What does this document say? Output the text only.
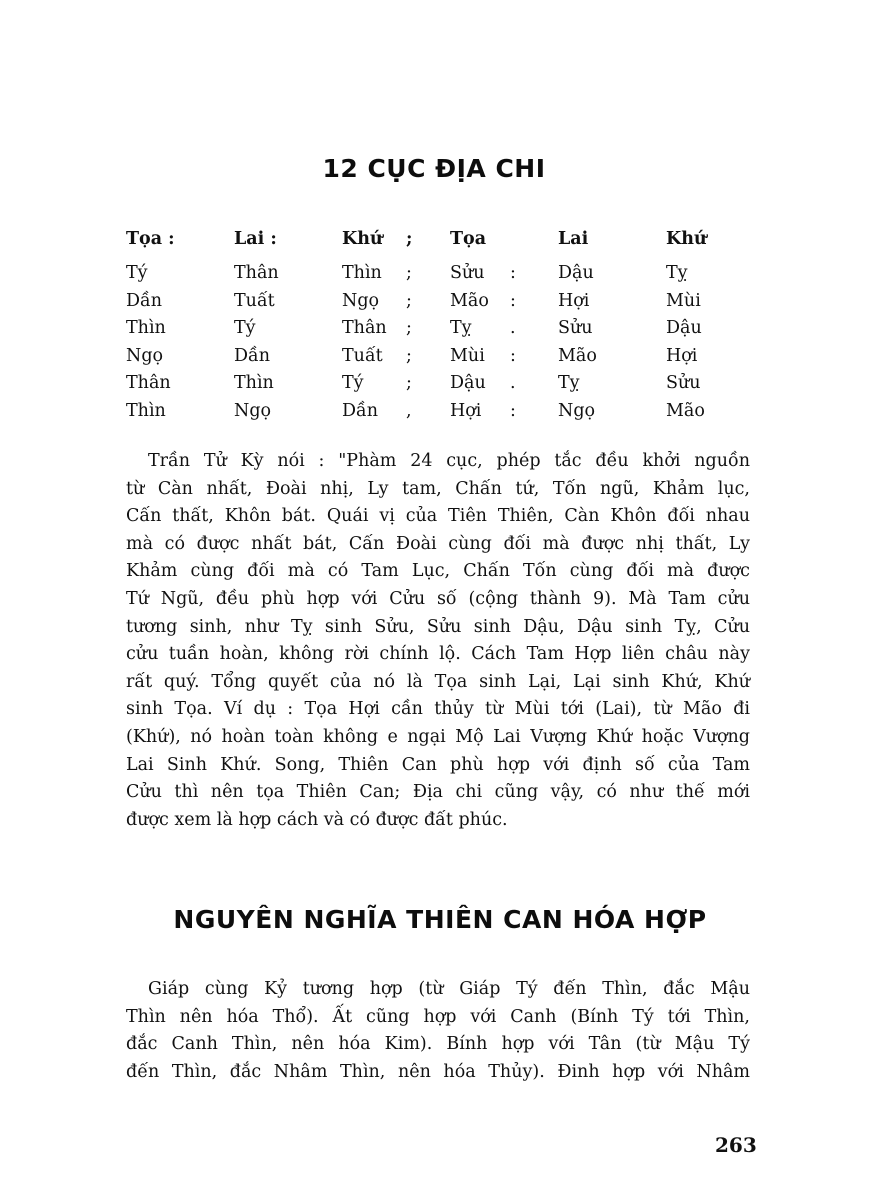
12 CỤC ĐỊA CHI
Tọa :	Lai :	Khứ ; Tọa	Lai	Khứ
Tý	Thân	Thìn ; Sửu : Dậu	Tỵ
Dần	Tuất	Ngọ ; Mão : Hợi	Mùi
Thìn	Tý	Thân ; Tỵ . Sửu	Dậu
Ngọ	Dần	Tuất ; Mùi : Mão	Hợi
Thân	Thìn	Tý ; Dậu . Tỵ	Sửu
Thìn	Ngọ	Dần , Hợi : Ngọ	Mão
Trần Tử Kỳ nói : "Phàm 24 cục, phép tắc đều khởi nguồn
từ Càn nhất, Đoài nhị, Ly tam, Chấn tứ, Tốn ngũ, Khảm lục,
Cấn thất, Khôn bát. Quái vị của Tiên Thiên, Càn Khôn đối nhau
mà có được nhất bát, Cấn Đoài cùng đối mà được nhị thất, Ly
Khảm cùng đối mà có Tam Lục, Chấn Tốn cùng đối mà được
Tứ Ngũ, đều phù hợp với Cửu số (cộng thành 9). Mà Tam cửu
tương sinh, như Tỵ sinh Sửu, Sửu sinh Dậu, Dậu sinh Tỵ, Cửu
cửu tuần hoàn, không rời chính lộ. Cách Tam Hợp liên châu này
rất quý. Tổng quyết của nó là Tọa sinh Lại, Lại sinh Khứ, Khứ
sinh Tọa. Ví dụ : Tọa Hợi cần thủy từ Mùi tới (Lai), từ Mão đi
(Khứ), nó hoàn toàn không e ngại Mộ Lai Vượng Khứ hoặc Vượng
Lai Sinh Khứ. Song, Thiên Can phù hợp với định số của Tam
Cửu thì nên tọa Thiên Can; Địa chi cũng vậy, có như thế mới
được xem là hợp cách và có được đất phúc.
NGUYÊN NGHĨA THIÊN CAN HÓA HỢP
Giáp cùng Kỷ tương hợp (từ Giáp Tý đến Thìn, đắc Mậu
Thìn nên hóa Thổ). Ất cũng hợp với Canh (Bính Tý tới Thìn,
đắc Canh Thìn, nên hóa Kim). Bính hợp với Tân (từ Mậu Tý
đến Thìn, đắc Nhâm Thìn, nên hóa Thủy). Đinh hợp với Nhâm
263
